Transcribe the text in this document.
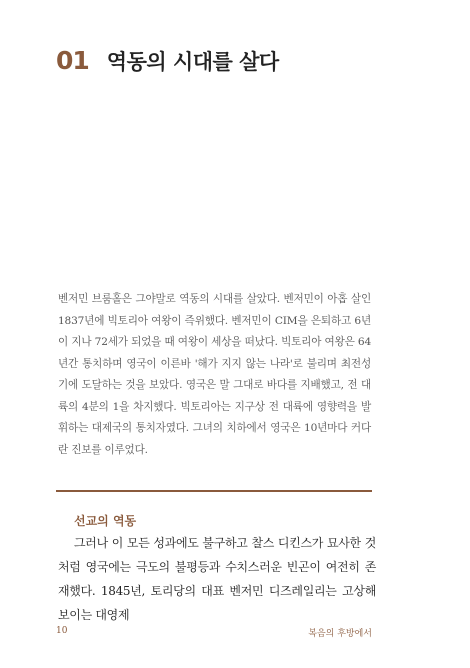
01 역동의 시대를 살다

벤저민 브룸홀은 그야말로 역동의 시대를 살았다. 벤저민이 아홉 살인 1837년에 빅토리아 여왕이 즉위했다. 벤저민이 CIM을 은퇴하고 6년이 지나 72세가 되었을 때 여왕이 세상을 떠났다. 빅토리아 여왕은 64년간 통치하며 영국이 이른바 '해가 지지 않는 나라'로 불리며 최전성기에 도달하는 것을 보았다. 영국은 말 그대로 바다를 지배했고, 전 대륙의 4분의 1을 차지했다. 빅토리아는 지구상 전 대륙에 영향력을 발휘하는 대제국의 통치자였다. 그녀의 치하에서 영국은 10년마다 커다란 진보를 이루었다.

선교의 역동

그러나 이 모든 성과에도 불구하고 찰스 디킨스가 묘사한 것처럼 영국에는 극도의 불평등과 수치스러운 빈곤이 여전히 존재했다. 1845년, 토리당의 대표 벤저민 디즈레일리는 고상해 보이는 대영제

10	복음의 후방에서
